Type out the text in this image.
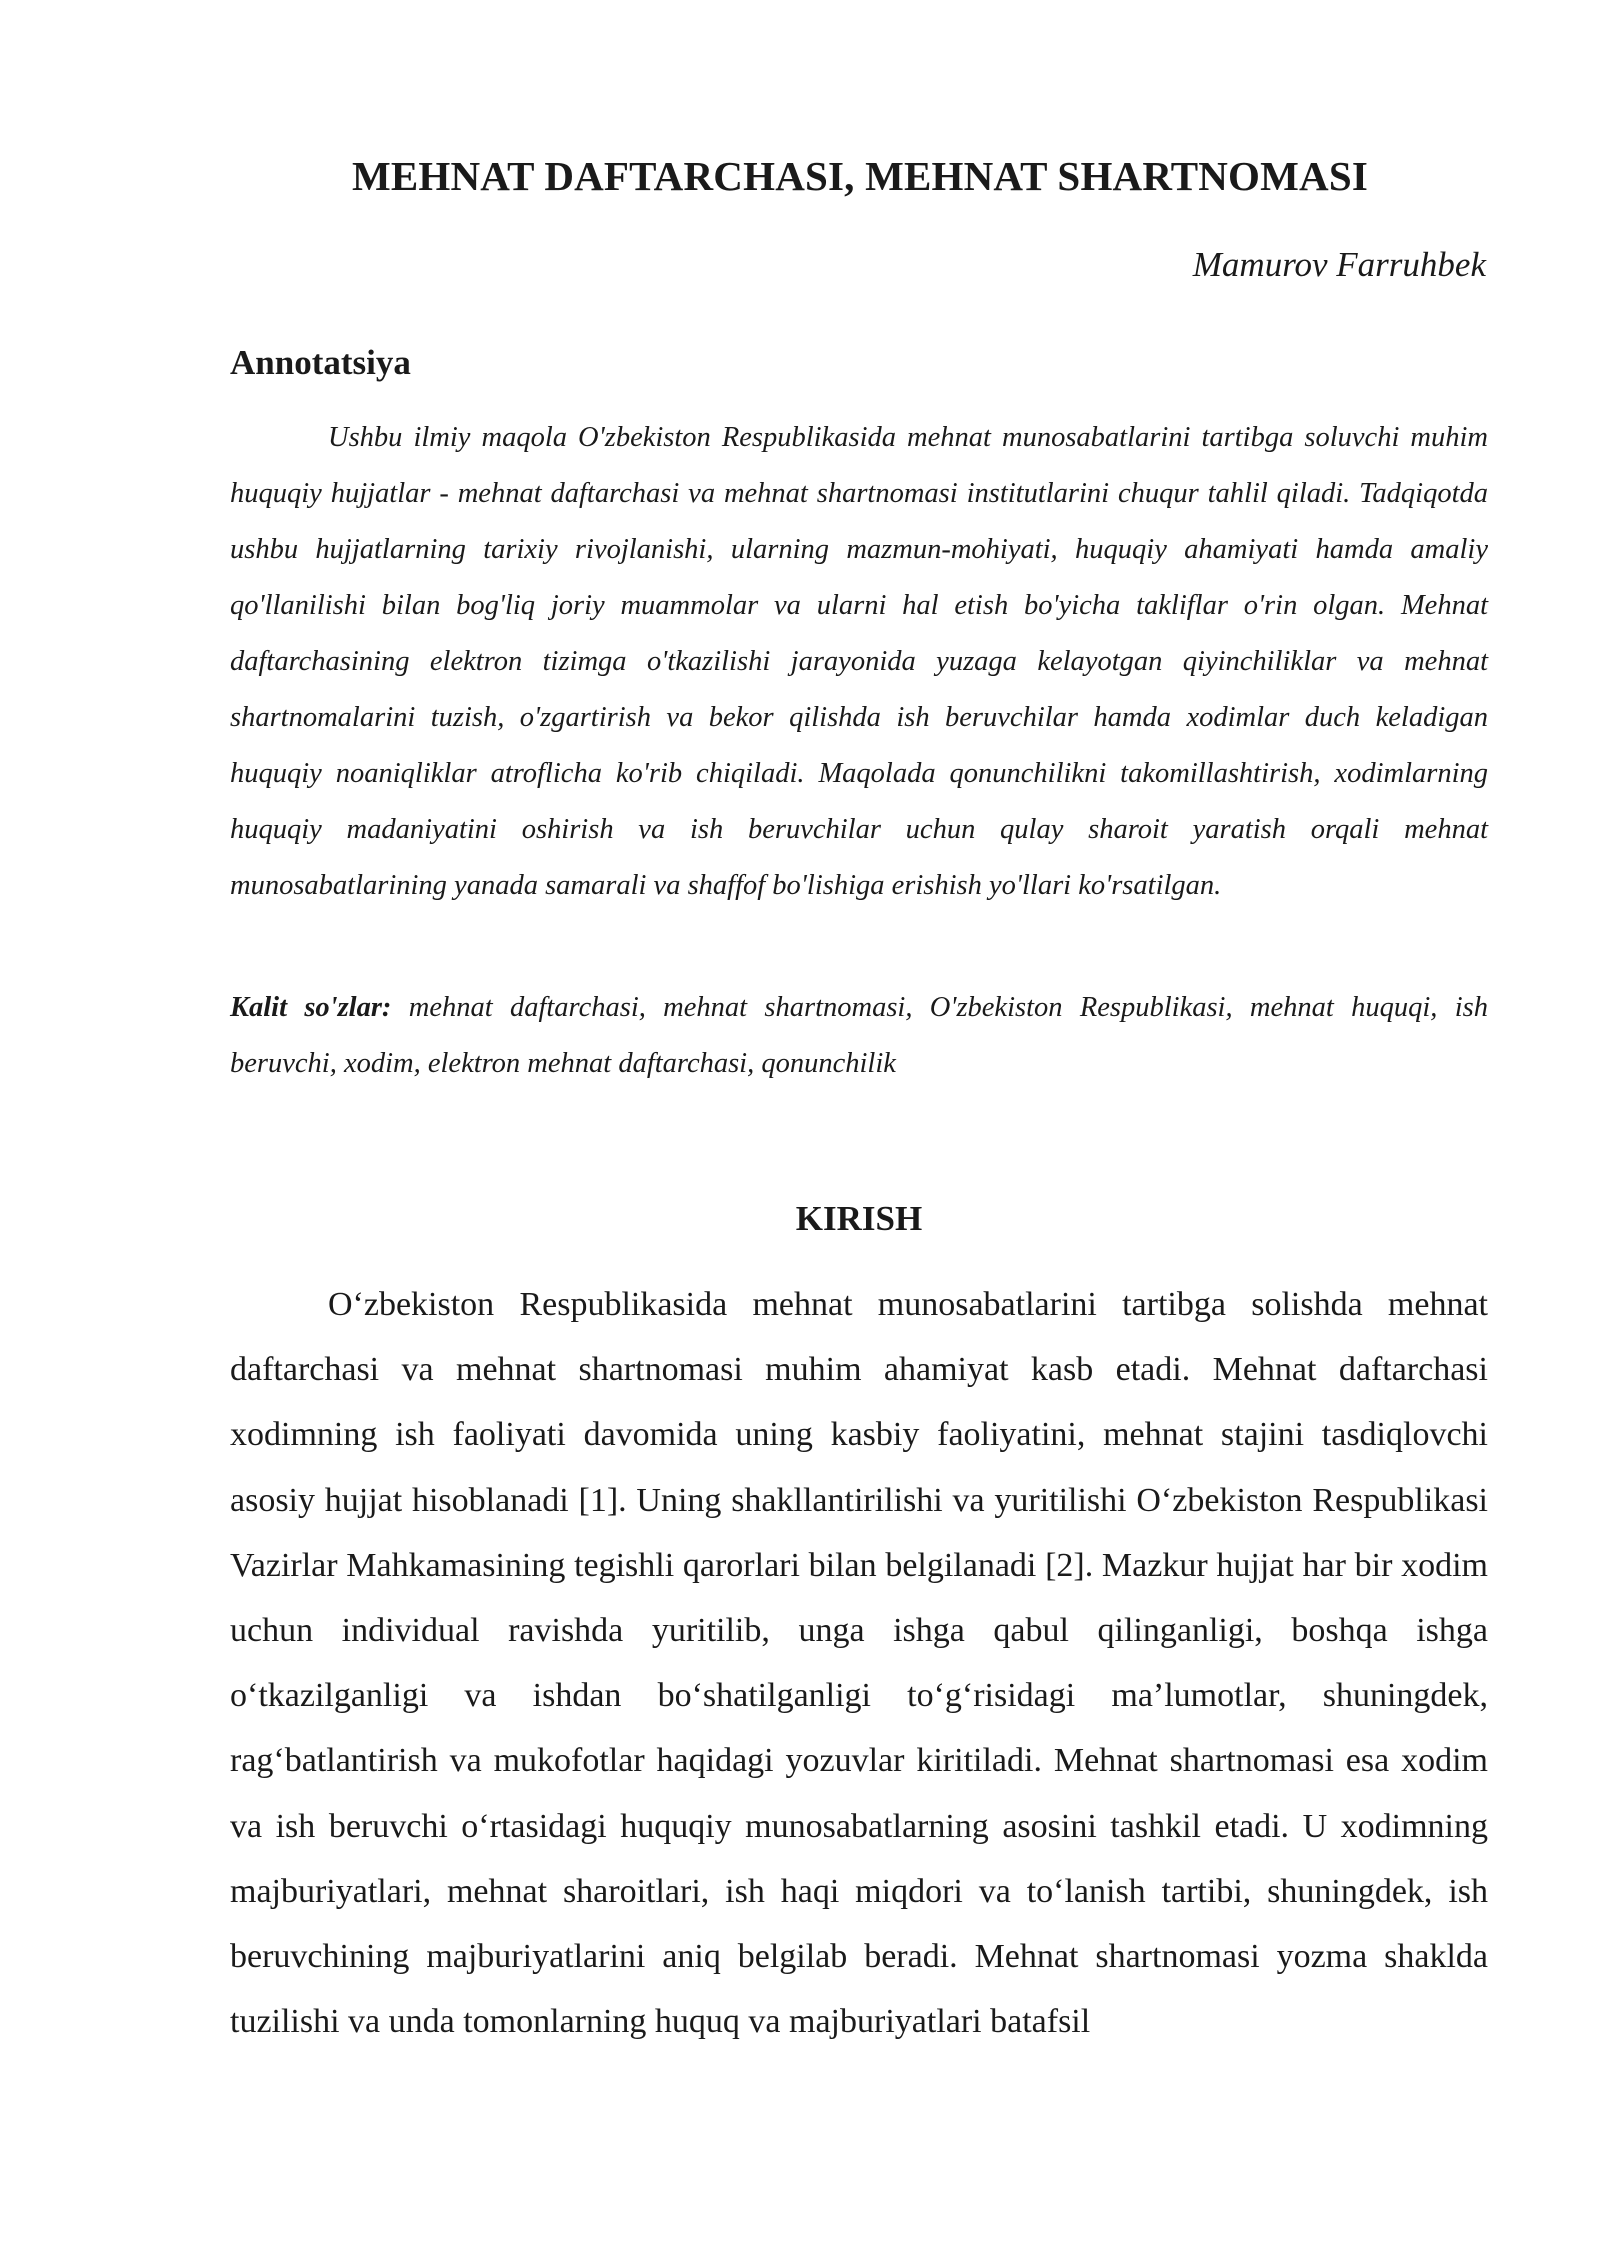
MEHNAT DAFTARCHASI, MEHNAT SHARTNOMASI

Mamurov Farruhbek

Annotatsiya

Ushbu ilmiy maqola O'zbekiston Respublikasida mehnat munosabatlarini tartibga soluvchi muhim huquqiy hujjatlar - mehnat daftarchasi va mehnat shartnomasi institutlarini chuqur tahlil qiladi. Tadqiqotda ushbu hujjatlarning tarixiy rivojlanishi, ularning mazmun-mohiyati, huquqiy ahamiyati hamda amaliy qo'llanilishi bilan bog'liq joriy muammolar va ularni hal etish bo'yicha takliflar o'rin olgan. Mehnat daftarchasining elektron tizimga o'tkazilishi jarayonida yuzaga kelayotgan qiyinchiliklar va mehnat shartnomalarini tuzish, o'zgartirish va bekor qilishda ish beruvchilar hamda xodimlar duch keladigan huquqiy noaniqliklar atroflicha ko'rib chiqiladi. Maqolada qonunchilikni takomillashtirish, xodimlarning huquqiy madaniyatini oshirish va ish beruvchilar uchun qulay sharoit yaratish orqali mehnat munosabatlarining yanada samarali va shaffof bo'lishiga erishish yo'llari ko'rsatilgan.

Kalit so'zlar: mehnat daftarchasi, mehnat shartnomasi, O'zbekiston Respublikasi, mehnat huquqi, ish beruvchi, xodim, elektron mehnat daftarchasi, qonunchilik

KIRISH

O‘zbekiston Respublikasida mehnat munosabatlarini tartibga solishda mehnat daftarchasi va mehnat shartnomasi muhim ahamiyat kasb etadi. Mehnat daftarchasi xodimning ish faoliyati davomida uning kasbiy faoliyatini, mehnat stajini tasdiqlovchi asosiy hujjat hisoblanadi [1]. Uning shakllantirilishi va yuritilishi O‘zbekiston Respublikasi Vazirlar Mahkamasining tegishli qarorlari bilan belgilanadi [2]. Mazkur hujjat har bir xodim uchun individual ravishda yuritilib, unga ishga qabul qilinganligi, boshqa ishga o‘tkazilganligi va ishdan bo‘shatilganligi to‘g‘risidagi ma’lumotlar, shuningdek, rag‘batlantirish va mukofotlar haqidagi yozuvlar kiritiladi. Mehnat shartnomasi esa xodim va ish beruvchi o‘rtasidagi huquqiy munosabatlarning asosini tashkil etadi. U xodimning majburiyatlari, mehnat sharoitlari, ish haqi miqdori va to‘lanish tartibi, shuningdek, ish beruvchining majburiyatlarini aniq belgilab beradi. Mehnat shartnomasi yozma shaklda tuzilishi va unda tomonlarning huquq va majburiyatlari batafsil
